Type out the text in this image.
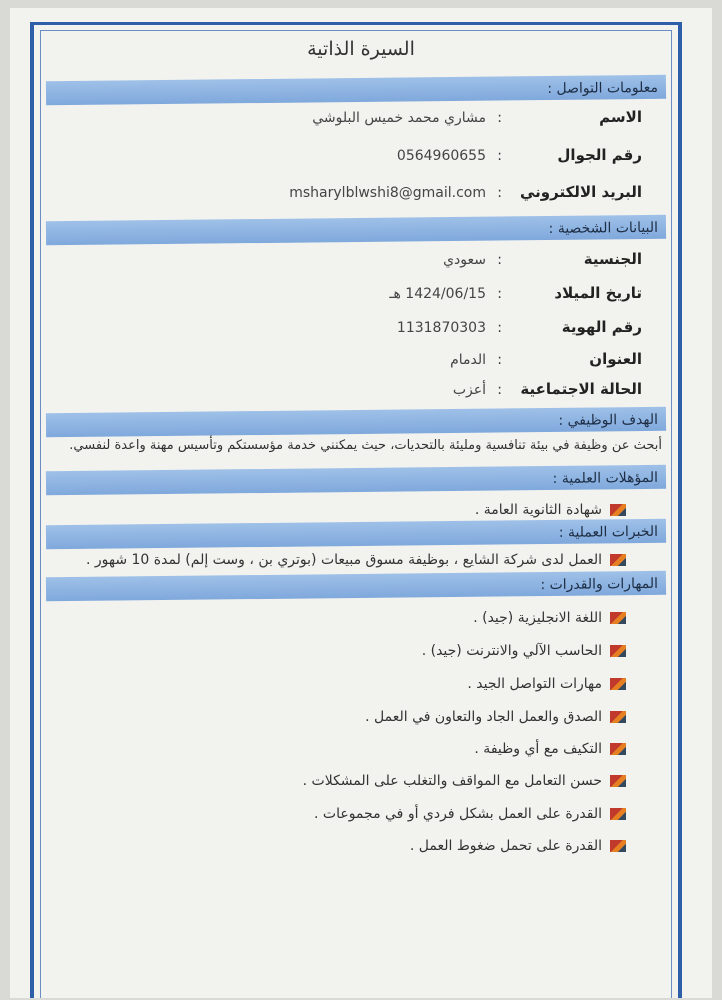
السيرة الذاتية
معلومات التواصل :
الاسم:مشاري محمد خميس البلوشي
رقم الجوال:0564960655
البريد الالكتروني:msharylblwshi8@gmail.com
البيانات الشخصية :
الجنسية:سعودي
تاريخ الميلاد:1424/06/15 هـ
رقم الهوية:1131870303
العنوان:الدمام
الحالة الاجتماعية:أعزب
الهدف الوظيفي :
أبحث عن وظيفة في بيئة تنافسية ومليئة بالتحديات، حيث يمكنني خدمة مؤسستكم وتأسيس مهنة واعدة لنفسي.
المؤهلات العلمية :
شهادة الثانوية العامة .
الخبرات العملية :
العمل لدى شركة الشايع ، بوظيفة مسوق مبيعات (بوتري بن ، وست إلم) لمدة 10 شهور .
المهارات والقدرات :
اللغة الانجليزية (جيد) .
الحاسب الآلي والانترنت (جيد) .
مهارات التواصل الجيد .
الصدق والعمل الجاد والتعاون في العمل .
التكيف مع أي وظيفة .
حسن التعامل مع المواقف والتغلب على المشكلات .
القدرة على العمل بشكل فردي أو في مجموعات .
القدرة على تحمل ضغوط العمل .
